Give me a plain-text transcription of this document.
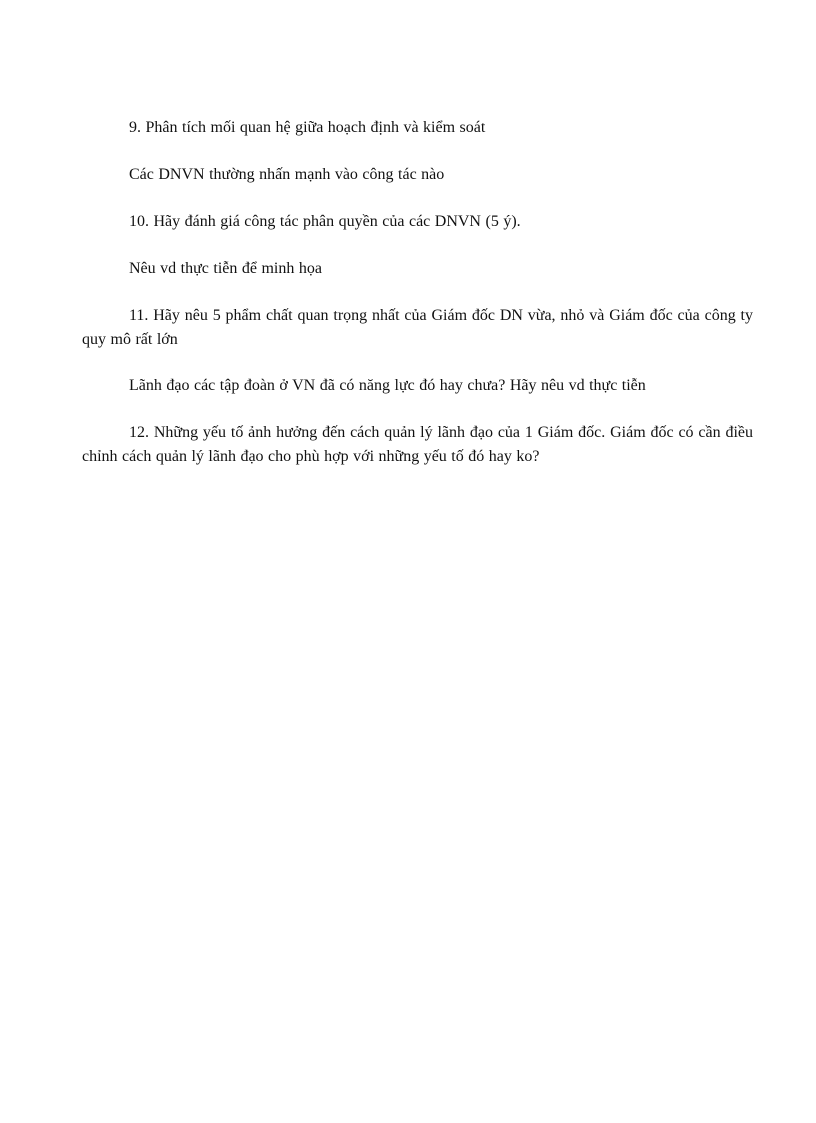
9. Phân tích mối quan hệ giữa hoạch định và kiểm soát

Các DNVN thường nhấn mạnh vào công tác nào

10. Hãy đánh giá công tác phân quyền của các DNVN (5 ý).

Nêu vd thực tiễn để minh họa

11. Hãy nêu 5 phẩm chất quan trọng nhất của Giám đốc DN vừa, nhỏ và Giám đốc của công ty quy mô rất lớn

Lãnh đạo các tập đoàn ở VN đã có năng lực đó hay chưa? Hãy nêu vd thực tiễn

12. Những yếu tố ảnh hưởng đến cách quản lý lãnh đạo của 1 Giám đốc. Giám đốc có cần điều chỉnh cách quản lý lãnh đạo cho phù hợp với những yếu tố đó hay ko?
